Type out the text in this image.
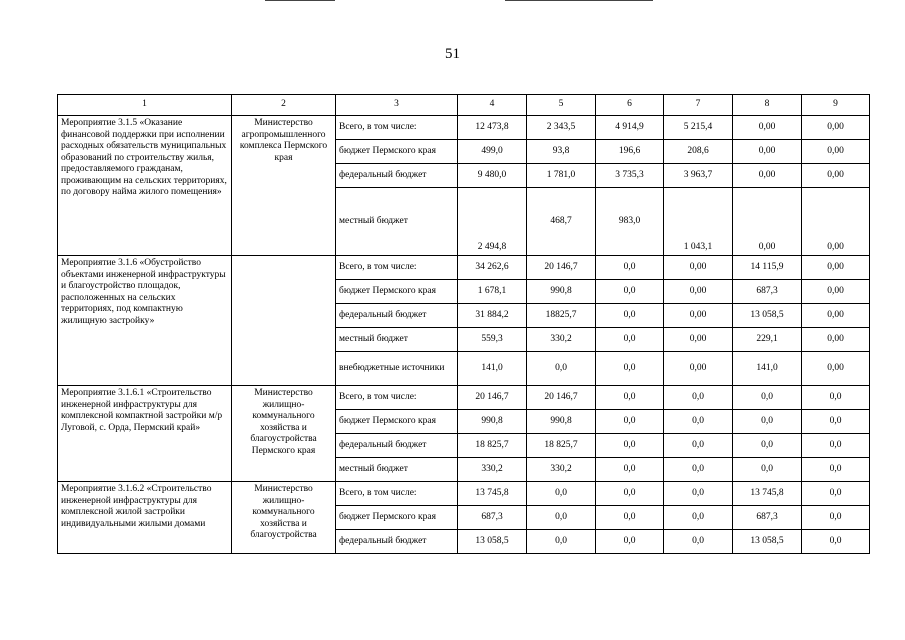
51
1	2	3	4	5	6	7	8	9
Мероприятие 3.1.5 «Оказание финансовой поддержки при исполнении расходных обязательств муниципальных образований по строительству жилья, предоставляемого гражданам, проживающим на сельских территориях, по договору найма жилого помещения»	Министерство агропромышленного комплекса Пермского края	Всего, в том числе:	12 473,8	2 343,5	4 914,9	5 215,4	0,00	0,00
		бюджет Пермского края	499,0	93,8	196,6	208,6	0,00	0,00
		федеральный бюджет	9 480,0	1 781,0	3 735,3	3 963,7	0,00	0,00
		местный бюджет	2 494,8	468,7	983,0	1 043,1	0,00	0,00
Мероприятие 3.1.6 «Обустройство объектами инженерной инфраструктуры и благоустройство площадок, расположенных на сельских территориях, под компактную жилищную застройку»		Всего, в том числе:	34 262,6	20 146,7	0,0	0,00	14 115,9	0,00
		бюджет Пермского края	1 678,1	990,8	0,0	0,00	687,3	0,00
		федеральный бюджет	31 884,2	18825,7	0,0	0,00	13 058,5	0,00
		местный бюджет	559,3	330,2	0,0	0,00	229,1	0,00
		внебюджетные источники	141,0	0,0	0,0	0,00	141,0	0,00
Мероприятие 3.1.6.1 «Строительство инженерной инфраструктуры для комплексной компактной застройки м/р Луговой, с. Орда, Пермский край»	Министерство жилищно-коммунального хозяйства и благоустройства Пермского края	Всего, в том числе:	20 146,7	20 146,7	0,0	0,0	0,0	0,0
		бюджет Пермского края	990,8	990,8	0,0	0,0	0,0	0,0
		федеральный бюджет	18 825,7	18 825,7	0,0	0,0	0,0	0,0
		местный бюджет	330,2	330,2	0,0	0,0	0,0	0,0
Мероприятие 3.1.6.2 «Строительство инженерной инфраструктуры для комплексной жилой застройки индивидуальными жилыми домами	Министерство жилищно-коммунального хозяйства и благоустройства	Всего, в том числе:	13 745,8	0,0	0,0	0,0	13 745,8	0,0
		бюджет Пермского края	687,3	0,0	0,0	0,0	687,3	0,0
		федеральный бюджет	13 058,5	0,0	0,0	0,0	13 058,5	0,0
